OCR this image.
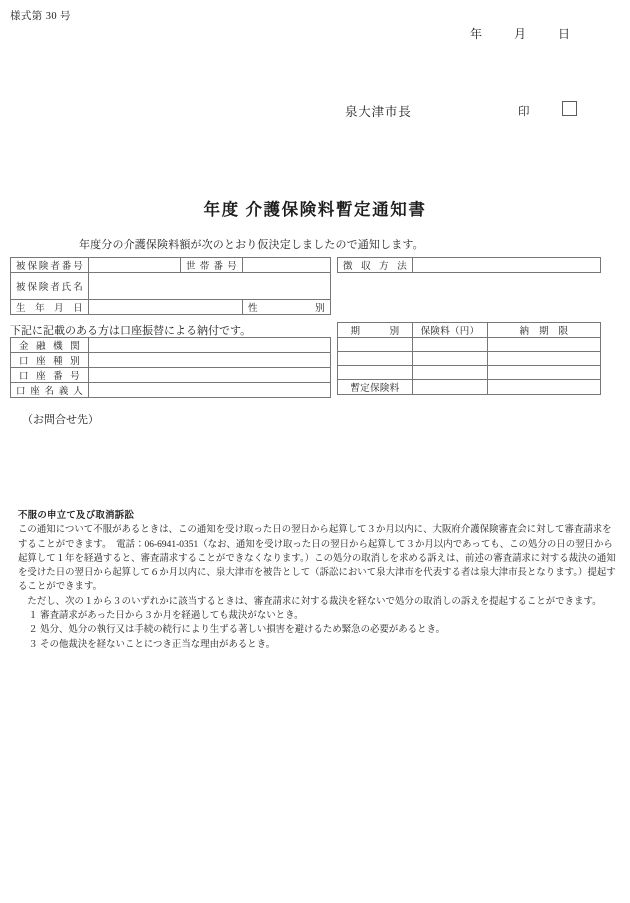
様式第 30 号
年	月	日
泉大津市長	印
年度 介護保険料暫定通知書
年度分の介護保険料額が次のとおり仮決定しましたので通知します。
被保険者番号		世帯番号	

被保険者氏名			

生 年 月 日			性 別
徴 収 方 法

下記に記載のある方は口座振替による納付です。
金 融 機 関	

口 座 種 別	

口 座 番 号	

口 座 名 義 人	

期　　　別	保険料（円）	納　期　限

暫定保険料		
（お問合せ先）
不服の申立て及び取消訴訟

この通知について不服があるときは、この通知を受け取った日の翌日から起算して３か月以内に、大阪府介護保険審査会に対して審査請求をすることができます。　電話：06-6941-0351（なお、通知を受け取った日の翌日から起算して３か月以内であっても、この処分の日の翌日から起算して１年を経過すると、審査請求することができなくなります。）この処分の取消しを求める訴えは、前述の審査請求に対する裁決の通知を受けた日の翌日から起算して６か月以内に、泉大津市を被告として（訴訟において泉大津市を代表する者は泉大津市長となります。）提起することができます。

ただし、次の１から３のいずれかに該当するときは、審査請求に対する裁決を経ないで処分の取消しの訴えを提起することができます。

１ 審査請求があった日から３か月を経過しても裁決がないとき。

２ 処分、処分の執行又は手続の続行により生ずる著しい損害を避けるため緊急の必要があるとき。

３ その他裁決を経ないことにつき正当な理由があるとき。
